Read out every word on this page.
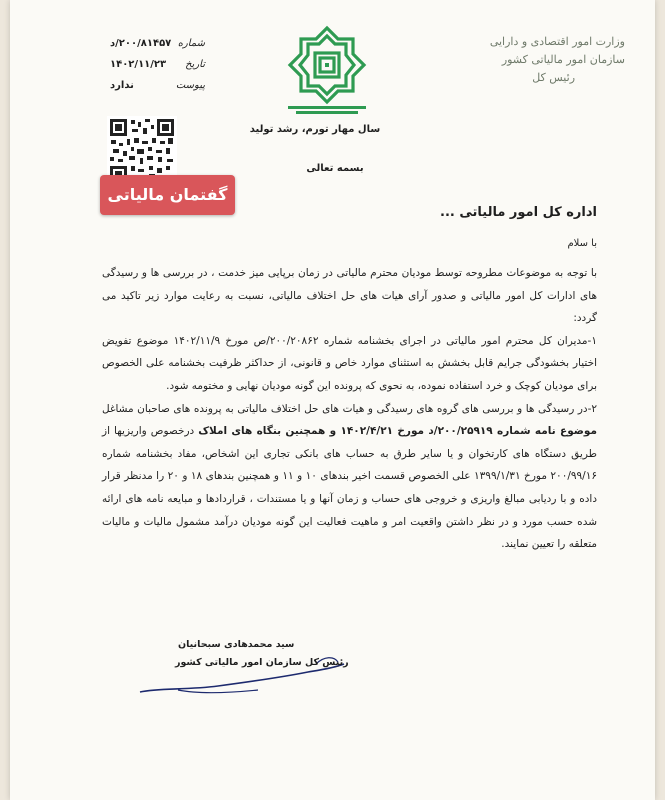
وزارت امور اقتصادی و دارایی
سازمان امور مالیاتی کشور
رئیس کل
سال مهار تورم، رشد تولید
شماره
۲۰۰/۸۱۴۵۷/د
تاریخ
۱۴۰۲/۱۱/۲۳
پیوست
ندارد
گفتمان مالیاتی
بسمه تعالی
اداره کل امور مالیاتی ...
با سلام

با توجه به موضوعات مطروحه توسط مودیان محترم مالیاتی در زمان برپایی میز خدمت ، در بررسی ها و رسیدگی های ادارات کل امور مالیاتی و صدور آرای هیات های حل اختلاف مالیاتی، نسبت به رعایت موارد زیر تاکید می گردد:

۱-مدیران کل محترم امور مالیاتی در اجرای بخشنامه شماره ۲۰۰/۲۰۸۶۲/ص مورخ ۱۴۰۲/۱۱/۹ موضوع تفویض اختیار بخشودگی جرایم قابل بخشش به استثنای موارد خاص و قانونی، از حداکثر ظرفیت بخشنامه علی الخصوص برای مودیان کوچک و خرد استفاده نموده، به نحوی که پرونده این گونه مودیان نهایی و مختومه شود.

۲-در رسیدگی ها و بررسی های گروه های رسیدگی و هیات های حل اختلاف مالیاتی به پرونده های صاحبان مشاغل موضوع نامه شماره ۲۰۰/۲۵۹۱۹/د مورخ ۱۴۰۲/۴/۲۱ و همچنین بنگاه های املاک درخصوص واریزیها از طریق دستگاه های کارتخوان و یا سایر طرق به حساب های بانکی تجاری این اشخاص، مفاد بخشنامه شماره ۲۰۰/۹۹/۱۶ مورخ ۱۳۹۹/۱/۳۱ علی الخصوص قسمت اخیر بندهای ۱۰ و ۱۱ و همچنین بندهای ۱۸ و ۲۰ را مدنظر قرار داده و با ردیابی مبالغ واریزی و خروجی های حساب و زمان آنها و یا مستندات ، قراردادها و مبایعه نامه های ارائه شده حسب مورد و در نظر داشتن واقعیت امر و ماهیت فعالیت این گونه مودیان درآمد مشمول مالیات و مالیات متعلقه را تعیین نمایند.

سید محمدهادی سبحانیان
رئیس کل سازمان امور مالیاتی کشور
